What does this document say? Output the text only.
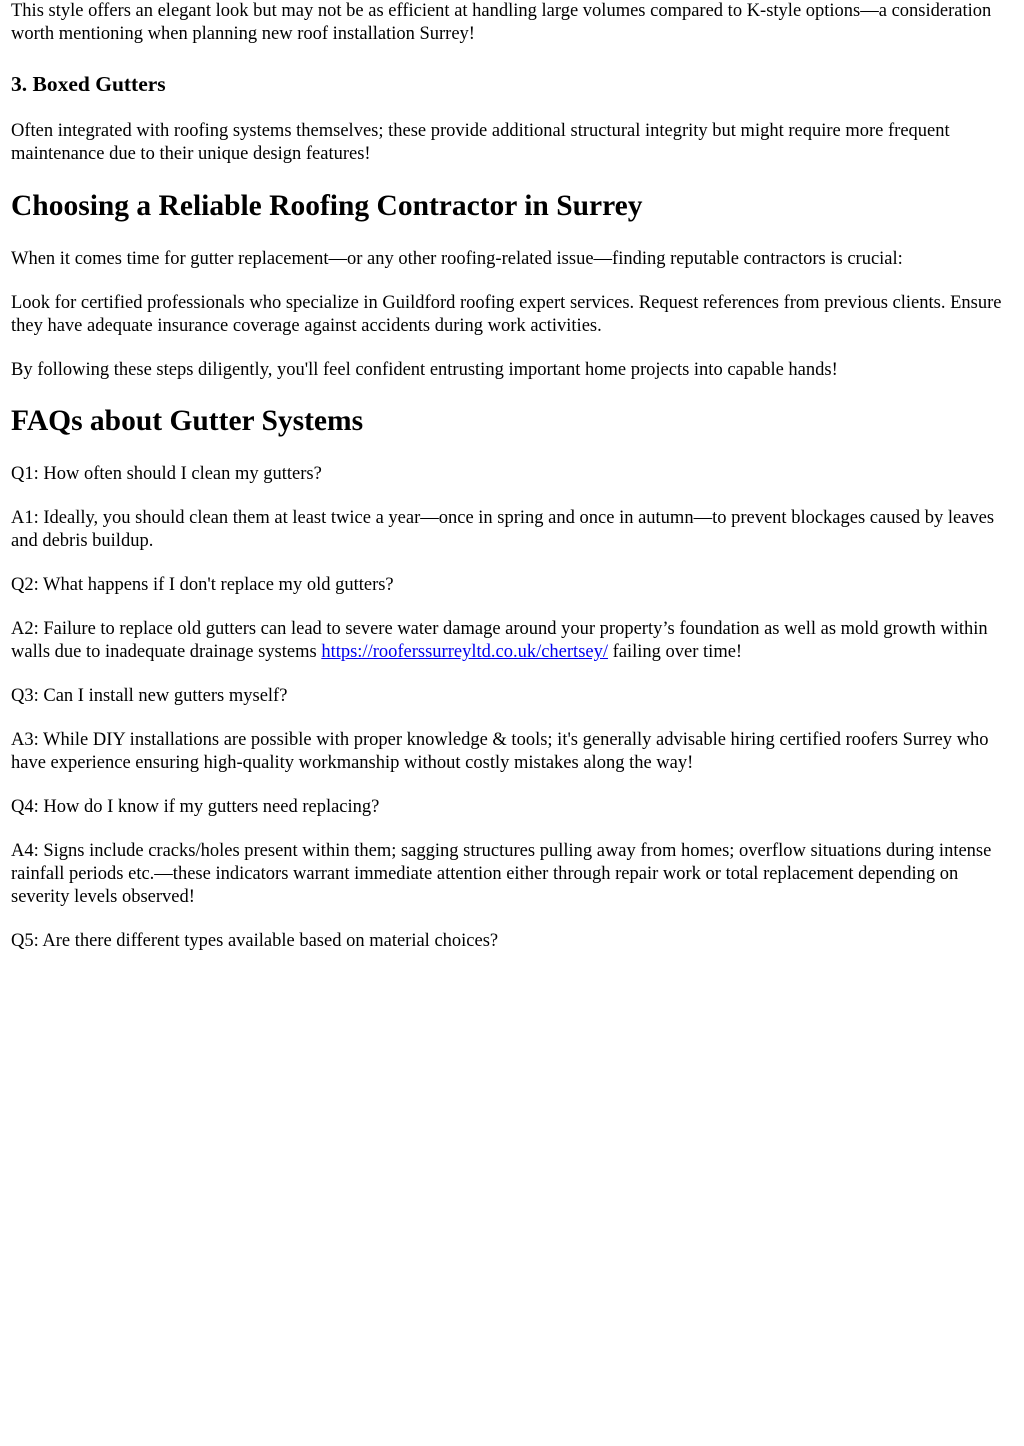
This style offers an elegant look but may not be as efficient at handling large volumes compared to K-style options—a consideration worth mentioning when planning new roof installation Surrey!

3. Boxed Gutters

Often integrated with roofing systems themselves; these provide additional structural integrity but might require more frequent maintenance due to their unique design features!

Choosing a Reliable Roofing Contractor in Surrey

When it comes time for gutter replacement—or any other roofing-related issue—finding reputable contractors is crucial:

Look for certified professionals who specialize in Guildford roofing expert services. Request references from previous clients. Ensure they have adequate insurance coverage against accidents during work activities.

By following these steps diligently, you'll feel confident entrusting important home projects into capable hands!

FAQs about Gutter Systems

Q1: How often should I clean my gutters?

A1: Ideally, you should clean them at least twice a year—once in spring and once in autumn—to prevent blockages caused by leaves and debris buildup.

Q2: What happens if I don't replace my old gutters?

A2: Failure to replace old gutters can lead to severe water damage around your property’s foundation as well as mold growth within walls due to inadequate drainage systems https://rooferssurreyltd.co.uk/chertsey/ failing over time!

Q3: Can I install new gutters myself?

A3: While DIY installations are possible with proper knowledge & tools; it's generally advisable hiring certified roofers Surrey who have experience ensuring high-quality workmanship without costly mistakes along the way!

Q4: How do I know if my gutters need replacing?

A4: Signs include cracks/holes present within them; sagging structures pulling away from homes; overflow situations during intense rainfall periods etc.—these indicators warrant immediate attention either through repair work or total replacement depending on severity levels observed!

Q5: Are there different types available based on material choices?
